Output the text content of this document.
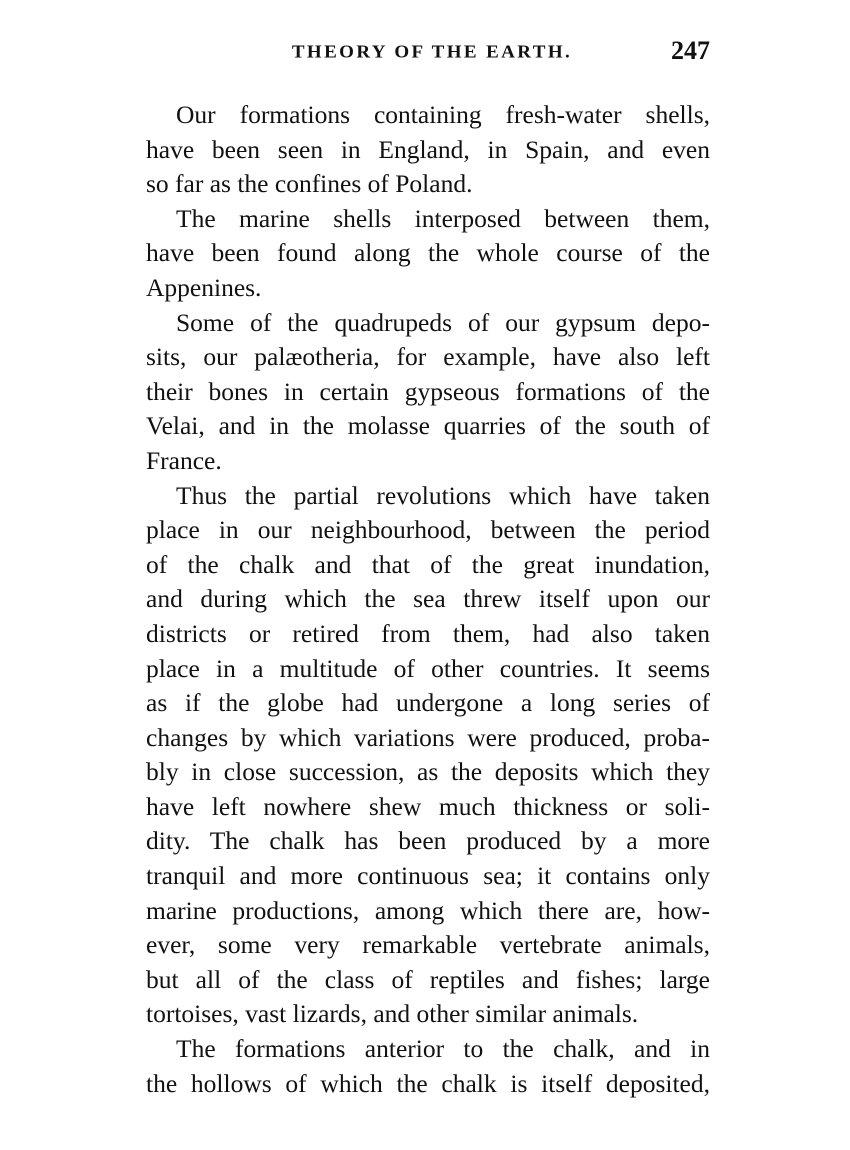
THEORY OF THE EARTH.	247
Our formations containing fresh-water shells,
have been seen in England, in Spain, and even
so far as the confines of Poland.
The marine shells interposed between them,
have been found along the whole course of the
Appenines.
Some of the quadrupeds of our gypsum depo-
sits, our palæotheria, for example, have also left
their bones in certain gypseous formations of the
Velai, and in the molasse quarries of the south of
France.
Thus the partial revolutions which have taken
place in our neighbourhood, between the period
of the chalk and that of the great inundation,
and during which the sea threw itself upon our
districts or retired from them, had also taken
place in a multitude of other countries. It seems
as if the globe had undergone a long series of
changes by which variations were produced, proba-
bly in close succession, as the deposits which they
have left nowhere shew much thickness or soli-
dity. The chalk has been produced by a more
tranquil and more continuous sea; it contains only
marine productions, among which there are, how-
ever, some very remarkable vertebrate animals,
but all of the class of reptiles and fishes; large
tortoises, vast lizards, and other similar animals.
The formations anterior to the chalk, and in
the hollows of which the chalk is itself deposited,
